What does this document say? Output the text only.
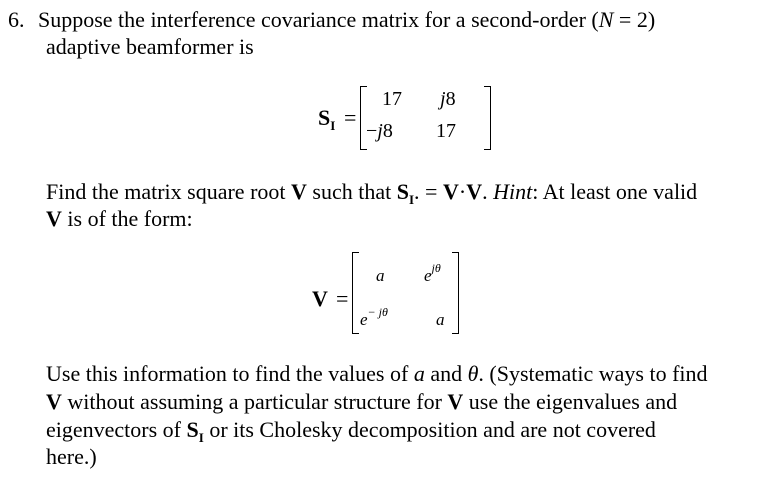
6. Suppose the interference covariance matrix for a second-order (N = 2)
adaptive beamformer is
$S_I$ =
17 j8
−j8 17
Find the matrix square root V such that $S_I$. = V·V. Hint: At least one valid
V is of the form:
V =
a $e^{j\theta}$
$e^{- j\theta}$	a
Use this information to find the values of a and θ. (Systematic ways to find
V without assuming a particular structure for V use the eigenvalues and
eigenvectors of $S_I$ or its Cholesky decomposition and are not covered
here.)
